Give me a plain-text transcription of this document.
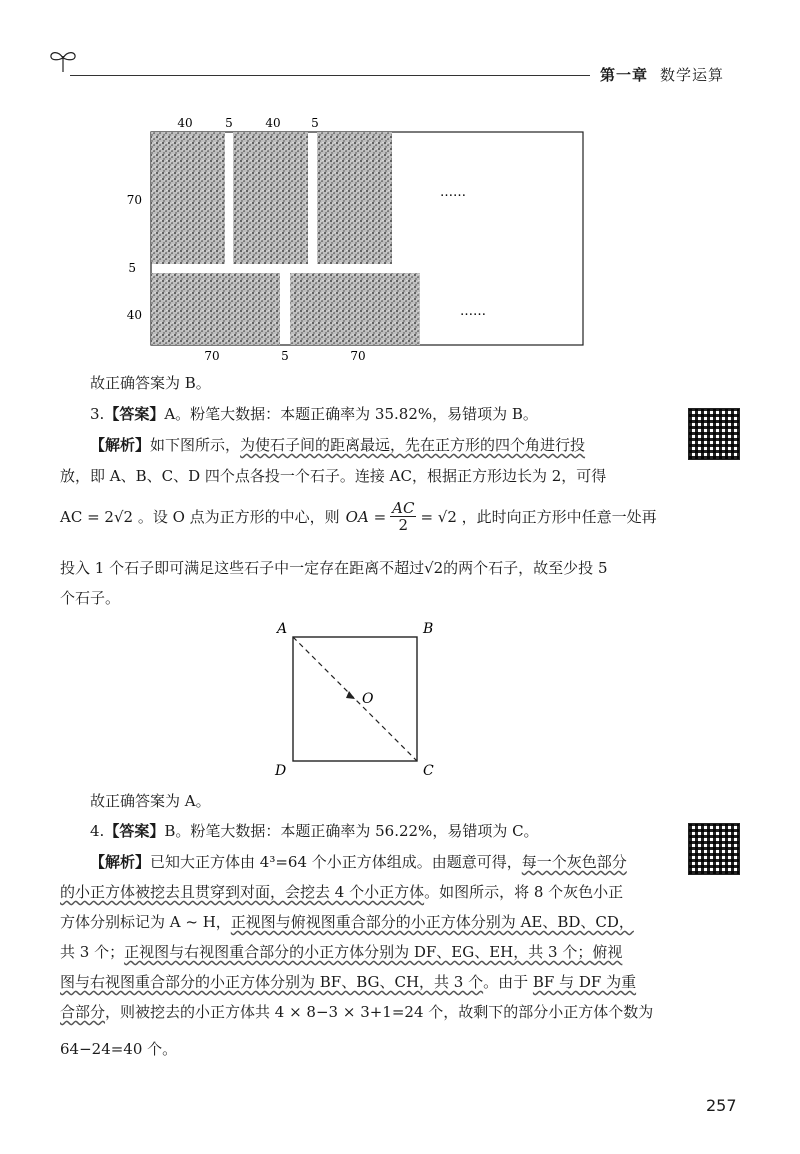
第一章 数学运算
40	5	40	5
70
5
40
70	5	70
……
……
故正确答案为 B。
3.【答案】A。粉笔大数据：本题正确率为 35.82%，易错项为 B。
【解析】如下图所示，为使石子间的距离最远，先在正方形的四个角进行投
放，即 A、B、C、D 四个点各投一个石子。连接 AC，根据正方形边长为 2，可得
AC = 2√2 。设 O 点为正方形的中心，则 OA = $\frac{AC}{2} = √2$ ，此时向正方形中任意一处再
投入 1 个石子即可满足这些石子中一定存在距离不超过√2的两个石子，故至少投 5
个石子。
A	B
C
D
O
故正确答案为 A。
4.【答案】B。粉笔大数据：本题正确率为 56.22%，易错项为 C。
【解析】已知大正方体由 4³=64 个小正方体组成。由题意可得，每一个灰色部分
的小正方体被挖去且贯穿到对面，会挖去 4 个小正方体。如图所示，将 8 个灰色小正
方体分别标记为 A ~ H，正视图与俯视图重合部分的小正方体分别为 AE、BD、CD，
共 3 个；正视图与右视图重合部分的小正方体分别为 DF、EG、EH，共 3 个；俯视
图与右视图重合部分的小正方体分别为 BF、BG、CH，共 3 个。由于 BF 与 DF 为重
合部分，则被挖去的小正方体共 4 × 8−3 × 3+1=24 个，故剩下的部分小正方体个数为
64−24=40 个。
257
